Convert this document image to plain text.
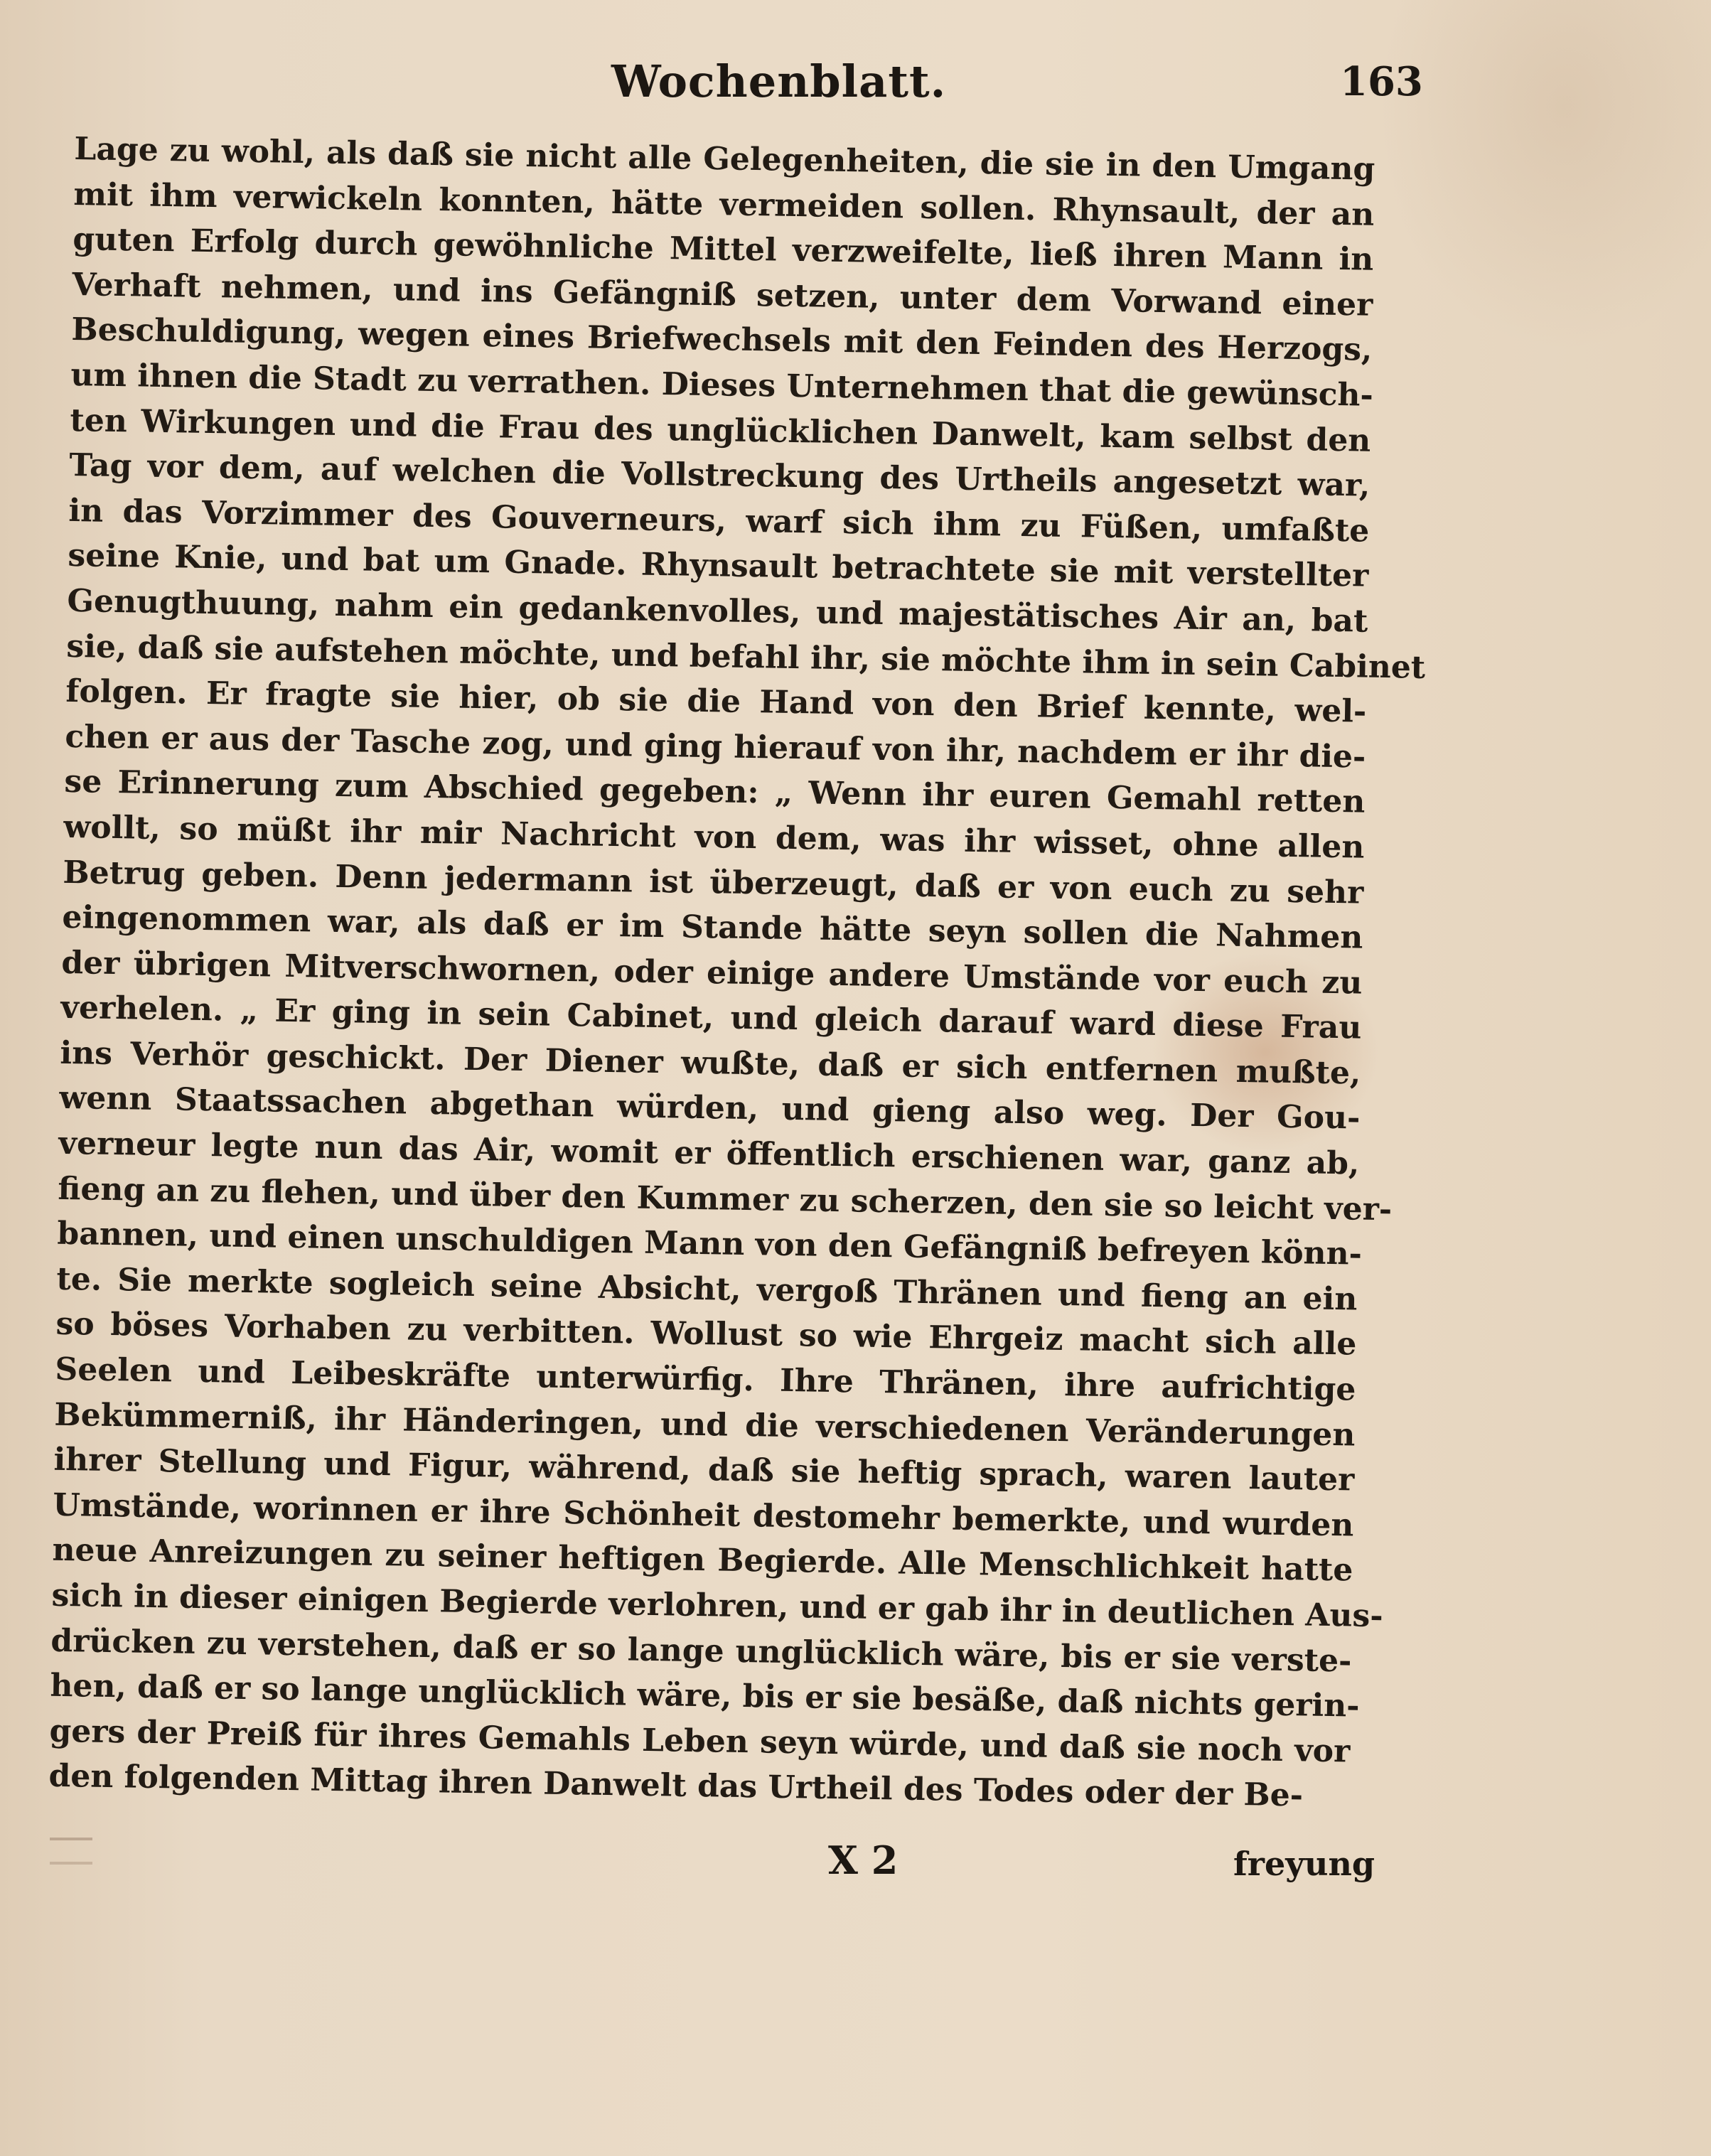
Wochenblatt.	163
Lage zu wohl, als daß sie nicht alle Gelegenheiten, die sie in den Umgang
mit ihm verwickeln konnten, hätte vermeiden sollen. Rhynsault, der an
guten Erfolg durch gewöhnliche Mittel verzweifelte, ließ ihren Mann in
Verhaft nehmen, und ins Gefängniß setzen, unter dem Vorwand einer
Beschuldigung, wegen eines Briefwechsels mit den Feinden des Herzogs,
um ihnen die Stadt zu verrathen. Dieses Unternehmen that die gewünsch-
ten Wirkungen und die Frau des unglücklichen Danwelt, kam selbst den
Tag vor dem, auf welchen die Vollstreckung des Urtheils angesetzt war,
in das Vorzimmer des Gouverneurs, warf sich ihm zu Füßen, umfaßte
seine Knie, und bat um Gnade. Rhynsault betrachtete sie mit verstellter
Genugthuung, nahm ein gedankenvolles, und majestätisches Air an, bat
sie, daß sie aufstehen möchte, und befahl ihr, sie möchte ihm in sein Cabinet
folgen. Er fragte sie hier, ob sie die Hand von den Brief kennte, wel-
chen er aus der Tasche zog, und ging hierauf von ihr, nachdem er ihr die-
se Erinnerung zum Abschied gegeben: „ Wenn ihr euren Gemahl retten
wollt, so müßt ihr mir Nachricht von dem, was ihr wisset, ohne allen
Betrug geben. Denn jedermann ist überzeugt, daß er von euch zu sehr
eingenommen war, als daß er im Stande hätte seyn sollen die Nahmen
der übrigen Mitverschwornen, oder einige andere Umstände vor euch zu
verhelen. „ Er ging in sein Cabinet, und gleich darauf ward diese Frau
ins Verhör geschickt. Der Diener wußte, daß er sich entfernen mußte,
wenn Staatssachen abgethan würden, und gieng also weg. Der Gou-
verneur legte nun das Air, womit er öffentlich erschienen war, ganz ab,
fieng an zu flehen, und über den Kummer zu scherzen, den sie so leicht ver-
bannen, und einen unschuldigen Mann von den Gefängniß befreyen könn-
te. Sie merkte sogleich seine Absicht, vergoß Thränen und fieng an ein
so böses Vorhaben zu verbitten. Wollust so wie Ehrgeiz macht sich alle
Seelen und Leibeskräfte unterwürfig. Ihre Thränen, ihre aufrichtige
Bekümmerniß, ihr Händeringen, und die verschiedenen Veränderungen
ihrer Stellung und Figur, während, daß sie heftig sprach, waren lauter
Umstände, worinnen er ihre Schönheit destomehr bemerkte, und wurden
neue Anreizungen zu seiner heftigen Begierde. Alle Menschlichkeit hatte
sich in dieser einigen Begierde verlohren, und er gab ihr in deutlichen Aus-
drücken zu verstehen, daß er so lange unglücklich wäre, bis er sie verste-
hen, daß er so lange unglücklich wäre, bis er sie besäße, daß nichts gerin-
gers der Preiß für ihres Gemahls Leben seyn würde, und daß sie noch vor
den folgenden Mittag ihren Danwelt das Urtheil des Todes oder der Be-
X 2	freyung
